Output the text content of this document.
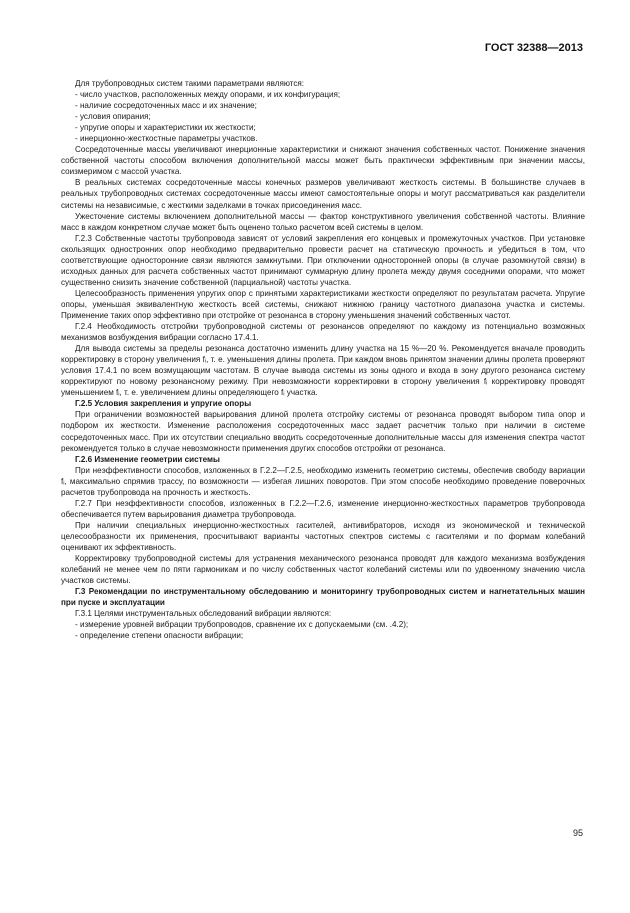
ГОСТ 32388—2013

Для трубопроводных систем такими параметрами являются:

- число участков, расположенных между опорами, и их конфигурация;

- наличие сосредоточенных масс и их значение;

- условия опирания;

- упругие опоры и характеристики их жесткости;

- инерционно-жесткостные параметры участков.

Сосредоточенные массы увеличивают инерционные характеристики и снижают значения собственных частот. Понижение значения собственной частоты способом включения дополнительной массы может быть практически эффективным при значении массы, соизмеримом с массой участка.

В реальных системах сосредоточенные массы конечных размеров увеличивают жесткость системы. В большинстве случаев в реальных трубопроводных системах сосредоточенные массы имеют самостоятельные опоры и могут рассматриваться как разделители системы на независимые, с жесткими заделками в точках присоединения масс.

Ужесточение системы включением дополнительной массы — фактор конструктивного увеличения собственной частоты. Влияние масс в каждом конкретном случае может быть оценено только расчетом всей системы в целом.

Г.2.3 Собственные частоты трубопровода зависят от условий закрепления его концевых и промежуточных участков. При установке скользящих одностронних опор необходимо предварительно провести расчет на статическую прочность и убедиться в том, что соответствующие односторонние связи являются замкнутыми. При отключении односторонней опоры (в случае разомкнутой связи) в исходных данных для расчета собственных частот принимают суммарную длину пролета между двумя соседними опорами, что может существенно снизить значение собственной (парциальной) частоты участка.

Целесообразность применения упругих опор с принятыми характеристиками жесткости определяют по результатам расчета. Упругие опоры, уменьшая эквивалентную жесткость всей системы, снижают нижнюю границу частотного диапазона участка и системы. Применение таких опор эффективно при отстройке от резонанса в сторону уменьшения значений собственных частот.

Г.2.4 Необходимость отстройки трубопроводной системы от резонансов определяют по каждому из потенциально возможных механизмов возбуждения вибрации согласно 17.4.1.

Для вывода системы за пределы резонанса достаточно изменить длину участка на 15 %—20 %. Рекомендуется вначале проводить корректировку в сторону увеличения fᵢ, т. е. уменьшения длины пролета. При каждом вновь принятом значении длины пролета проверяют условия 17.4.1 по всем возмущающим частотам. В случае вывода системы из зоны одного и входа в зону другого резонанса систему корректируют по новому резонансному режиму. При невозможности корректировки в сторону увеличения fᵢ корректировку проводят уменьшением fᵢ, т. е. увеличением длины определяющего fᵢ участка.

Г.2.5 Условия закрепления и упругие опоры

При ограничении возможностей варьирования длиной пролета отстройку системы от резонанса проводят выбором типа опор и подбором их жесткости. Изменение расположения сосредоточенных масс задает расчетчик только при наличии в системе сосредоточенных масс. При их отсутствии специально вводить сосредоточенные дополнительные массы для изменения спектра частот рекомендуется только в случае невозможности применения других способов отстройки от резонанса.

Г.2.6 Изменение геометрии системы

При неэффективности способов, изложенных в Г.2.2—Г.2.5, необходимо изменить геометрию системы, обеспечив свободу вариации fᵢ, максимально спрямив трассу, по возможности — избегая лишних поворотов. При этом способе необходимо проведение поверочных расчетов трубопровода на прочность и жесткость.

Г.2.7 При неэффективности способов, изложенных в Г.2.2—Г.2.6, изменение инерционно-жесткостных параметров трубопровода обеспечивается путем варьирования диаметра трубопровода.

При наличии специальных инерционно-жесткостных гасителей, антивибраторов, исходя из экономической и технической целесообразности их применения, просчитывают варианты частотных спектров системы с гасителями и по формам колебаний оценивают их эффективность.

Корректировку трубопроводной системы для устранения механического резонанса проводят для каждого механизма возбуждения колебаний не менее чем по пяти гармоникам и по числу собственных частот колебаний системы или по удвоенному значению числа участков системы.

Г.3 Рекомендации по инструментальному обследованию и мониторингу трубопроводных систем и нагнетательных машин при пуске и эксплуатации

Г.3.1 Целями инструментальных обследований вибрации являются:

- измерение уровней вибрации трубопроводов, сравнение их с допускаемыми (см. .4.2);

- определение степени опасности вибрации;

95
